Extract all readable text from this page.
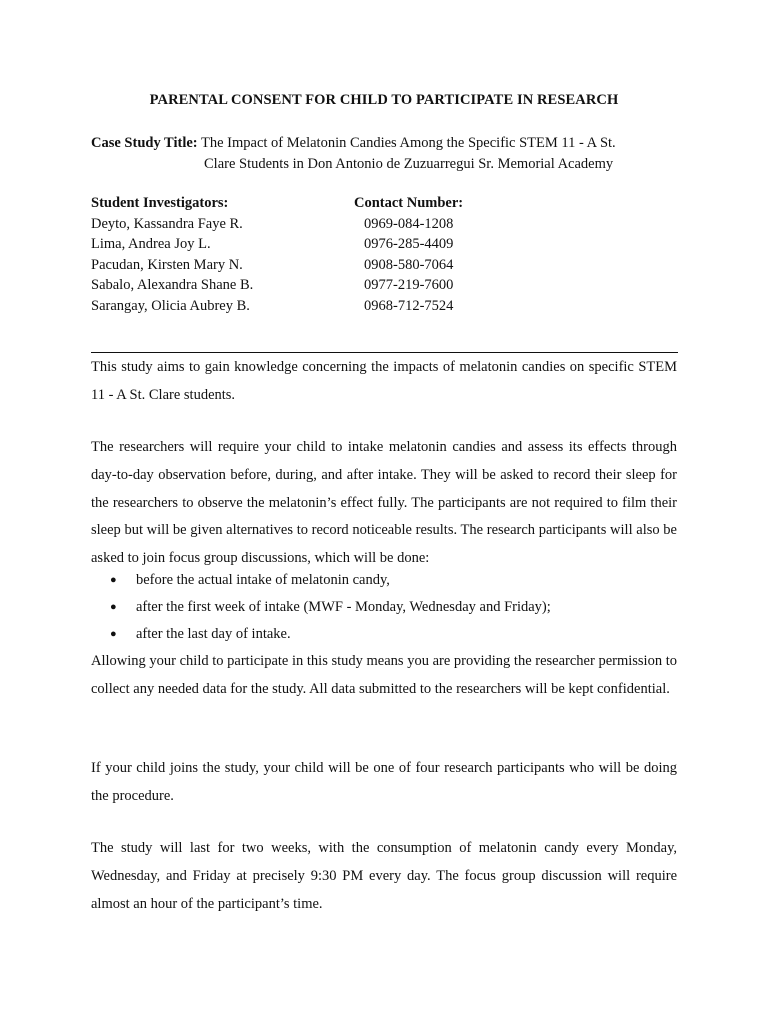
PARENTAL CONSENT FOR CHILD TO PARTICIPATE IN RESEARCH
Case Study Title: The Impact of Melatonin Candies Among the Specific STEM 11 - A St.
Clare Students in Don Antonio de Zuzuarregui Sr. Memorial Academy
Student Investigators:	Contact Number:
Deyto, Kassandra Faye R.	0969-084-1208
Lima, Andrea Joy L.	0976-285-4409
Pacudan, Kirsten Mary N.	0908-580-7064
Sabalo, Alexandra Shane B.	0977-219-7600
Sarangay, Olicia Aubrey B.	0968-712-7524

This study aims to gain knowledge concerning the impacts of melatonin candies on specific STEM 11 - A St. Clare students.

The researchers will require your child to intake melatonin candies and assess its effects through day-to-day observation before, during, and after intake. They will be asked to record their sleep for the researchers to observe the melatonin’s effect fully. The participants are not required to film their sleep but will be given alternatives to record noticeable results. The research participants will also be asked to join focus group discussions, which will be done:

● before the actual intake of melatonin candy,
● after the first week of intake (MWF - Monday, Wednesday and Friday);
● after the last day of intake.

Allowing your child to participate in this study means you are providing the researcher permission to collect any needed data for the study. All data submitted to the researchers will be kept confidential.

If your child joins the study, your child will be one of four research participants who will be doing the procedure.

The study will last for two weeks, with the consumption of melatonin candy every Monday, Wednesday, and Friday at precisely 9:30 PM every day. The focus group discussion will require almost an hour of the participant’s time.
